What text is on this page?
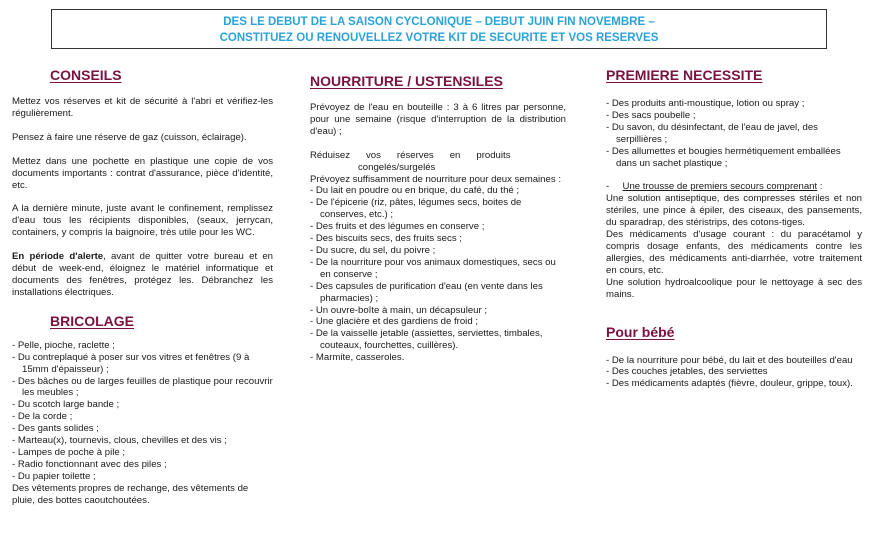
DES LE DEBUT DE LA SAISON CYCLONIQUE – DEBUT JUIN FIN NOVEMBRE –
CONSTITUEZ OU RENOUVELLEZ VOTRE KIT DE SECURITE ET VOS RESERVES
CONSEILS

Mettez vos réserves et kit de sécurité à l'abri et vérifiez-les régulièrement.

Pensez à faire une réserve de gaz (cuisson, éclairage).

Mettez dans une pochette en plastique une copie de vos documents importants : contrat d'assurance, pièce d'identité, etc.

A la dernière minute, juste avant le confinement, remplissez d'eau tous les récipients disponibles, (seaux, jerrycan, containers, y compris la baignoire, très utile pour les WC.

En période d'alerte, avant de quitter votre bureau et en début de week-end, éloignez le matériel informatique et documents des fenêtres, protégez les. Débranchez les installations électriques.

BRICOLAGE
- Pelle, pioche, raclette ;
- Du contreplaqué à poser sur vos vitres et fenêtres (9 à 15mm d'épaisseur) ;
- Des bâches ou de larges feuilles de plastique pour recouvrir les meubles ;
- Du scotch large bande ;
- De la corde ;
- Des gants solides ;
- Marteau(x), tournevis, clous, chevilles et des vis ;
- Lampes de poche à pile ;
- Radio fonctionnant avec des piles ;
- Du papier toilette ;

Des vêtements propres de rechange, des vêtements de pluie, des bottes caoutchoutées.

NOURRITURE / USTENSILES

Prévoyez de l'eau en bouteille : 3 à 6 litres par personne, pour une semaine (risque d'interruption de la distribution d'eau) ;

Réduisez      vos      réserves      en      produits

congelés/surgelés

Prévoyez suffisamment de nourriture pour deux semaines :

- Du lait en poudre ou en brique, du café, du thé ;
- De l'épicerie (riz, pâtes, légumes secs, boites de conserves, etc.) ;
- Des fruits et des légumes en conserve ;
- Des biscuits secs, des fruits secs ;
- Du sucre, du sel, du poivre ;
- De la nourriture pour vos animaux domestiques, secs ou en conserve ;
- Des capsules de purification d'eau (en vente dans les pharmacies) ;
- Un ouvre-boîte à main, un décapsuleur ;
- Une glacière et des gardiens de froid ;
- De la vaisselle jetable (assiettes, serviettes, timbales, couteaux, fourchettes, cuillères).
- Marmite, casseroles.
PREMIERE NECESSITE
- Des produits anti-moustique, lotion ou spray ;
- Des sacs poubelle ;
- Du savon, du désinfectant, de l'eau de javel, des serpillières ;
- Des allumettes et bougies hermétiquement emballées dans un sachet plastique ;

-     Une trousse de premiers secours comprenant :

Une solution antiseptique, des compresses stériles et non stériles, une pince à épiler, des ciseaux, des pansements, du sparadrap, des stéristrips, des cotons-tiges.

Des médicaments d'usage courant : du paracétamol y compris dosage enfants, des médicaments contre les allergies, des médicaments anti-diarrhée, votre traitement en cours, etc.

Une solution hydroalcoolique pour le nettoyage à sec des mains.

Pour bébé
- De la nourriture pour bébé, du lait et des bouteilles d'eau
- Des couches jetables, des serviettes
- Des médicaments adaptés (fièvre, douleur, grippe, toux).
